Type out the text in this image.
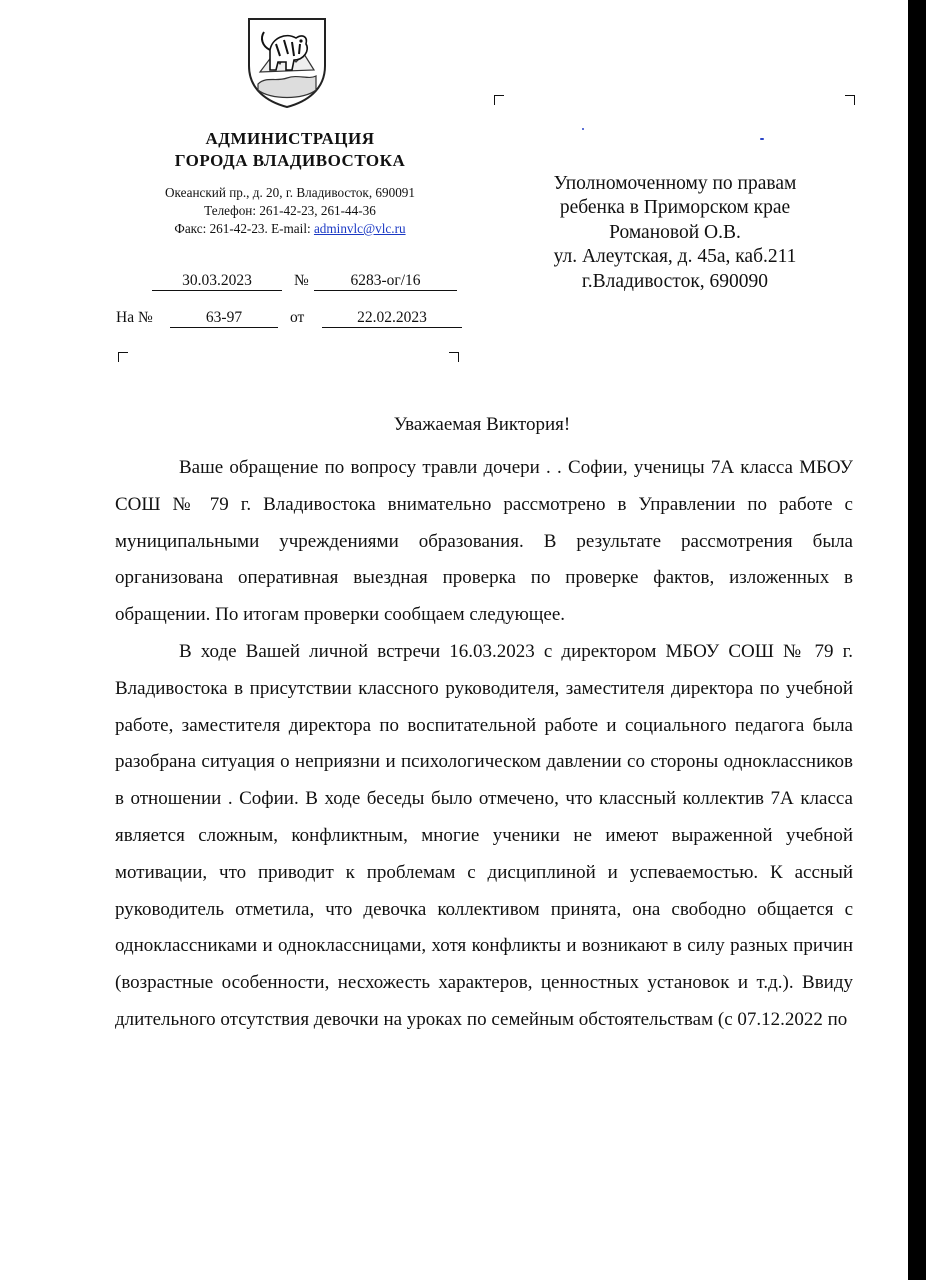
АДМИНИСТРАЦИЯ
ГОРОДА ВЛАДИВОСТОКА
Океанский пр., д. 20, г. Владивосток, 690091
Телефон: 261-42-23, 261-44-36
Факс: 261-42-23. E-mail: adminvlc@vlc.ru
30.03.2023	№	6283-ог/16
На №	63-97	от	22.02.2023
Уполномоченному по правам
ребенка в Приморском крае
Романовой О.В.
ул. Алеутская, д. 45а, каб.211
г.Владивосток, 690090
Уважаемая Виктория!

Ваше обращение по вопросу травли дочери . . Софии, ученицы 7А класса МБОУ СОШ № 79 г. Владивостока внимательно рассмотрено в Управлении по работе с муниципальными учреждениями образования. В результате рассмотрения была организована оперативная выездная проверка по проверке фактов, изложенных в обращении. По итогам проверки сообщаем следующее.

В ходе Вашей личной встречи 16.03.2023 с директором МБОУ СОШ № 79 г. Владивостока в присутствии классного руководителя, заместителя директора по учебной работе, заместителя директора по воспитательной работе и социального педагога была разобрана ситуация о неприязни и психологическом давлении со стороны одноклассников в отношении . Софии. В ходе беседы было отмечено, что классный коллектив 7А класса является сложным, конфликтным, многие ученики не имеют выраженной учебной мотивации, что приводит к проблемам с дисциплиной и успеваемостью. К ассный руководитель отметила, что девочка коллективом принята, она свободно общается с одноклассниками и одноклассницами, хотя конфликты и возникают в силу разных причин (возрастные особенности, несхожесть характеров, ценностных установок и т.д.). Ввиду длительного отсутствия девочки на уроках по семейным обстоятельствам (с 07.12.2022 по
